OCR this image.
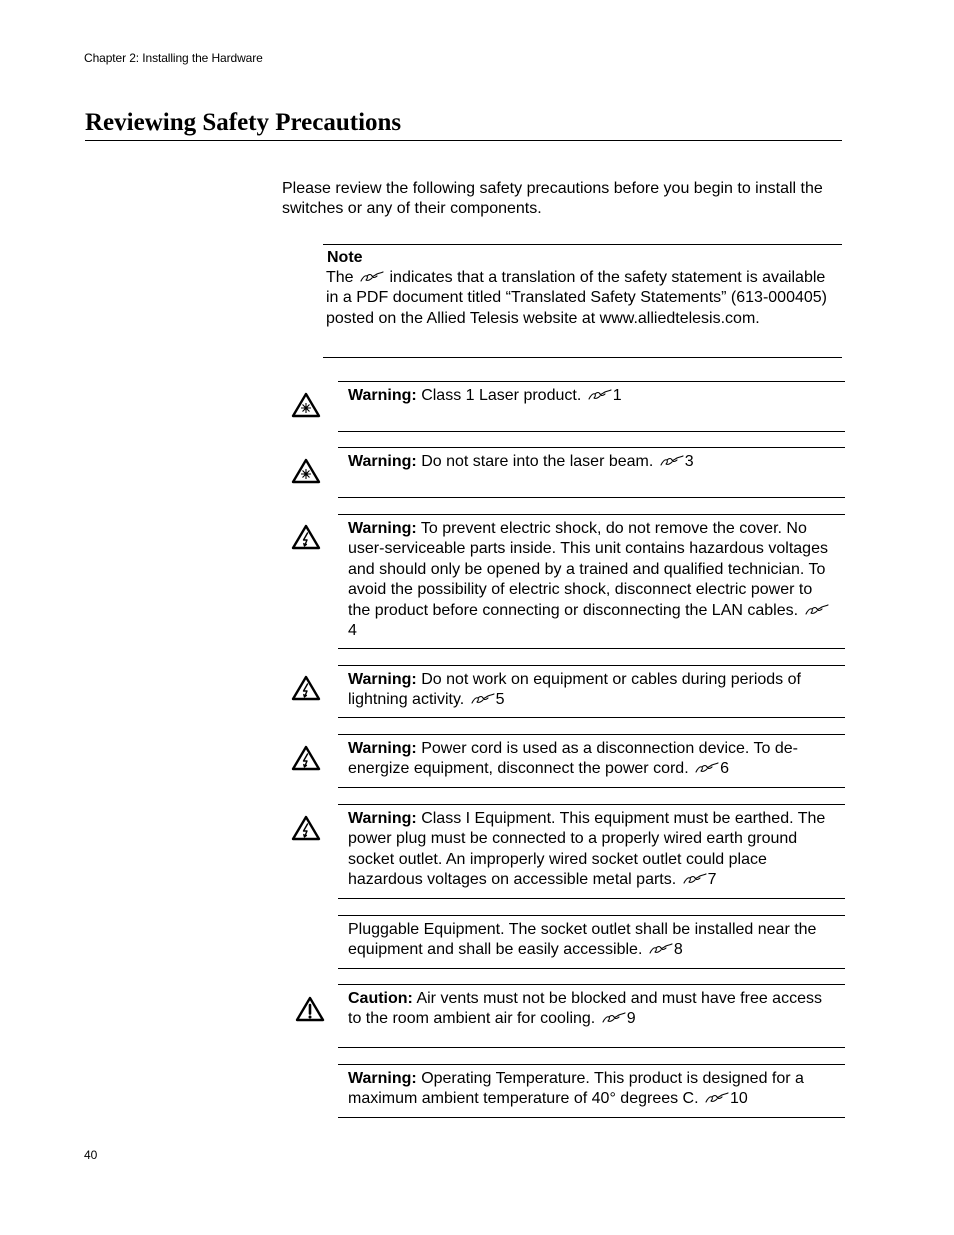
Chapter 2: Installing the Hardware
Reviewing Safety Precautions

Please review the following safety precautions before you begin to install the switches or any of their components.

Note

The indicates that a translation of the safety statement is available in a PDF document titled “Translated Safety Statements” (613-000405) posted on the Allied Telesis website at www.alliedtelesis.com.

Warning: Class 1 Laser product. 1

Warning: Do not stare into the laser beam. 3

Warning: To prevent electric shock, do not remove the cover. No user-serviceable parts inside. This unit contains hazardous voltages and should only be opened by a trained and qualified technician. To avoid the possibility of electric shock, disconnect electric power to the product before connecting or disconnecting the LAN cables. 4

Warning: Do not work on equipment or cables during periods of lightning activity. 5

Warning: Power cord is used as a disconnection device. To de-energize equipment, disconnect the power cord. 6

Warning: Class I Equipment. This equipment must be earthed. The power plug must be connected to a properly wired earth ground socket outlet. An improperly wired socket outlet could place hazardous voltages on accessible metal parts. 7

Pluggable Equipment. The socket outlet shall be installed near the equipment and shall be easily accessible. 8

Caution: Air vents must not be blocked and must have free access to the room ambient air for cooling. 9

Warning: Operating Temperature. This product is designed for a maximum ambient temperature of 40° degrees C. 10

40
